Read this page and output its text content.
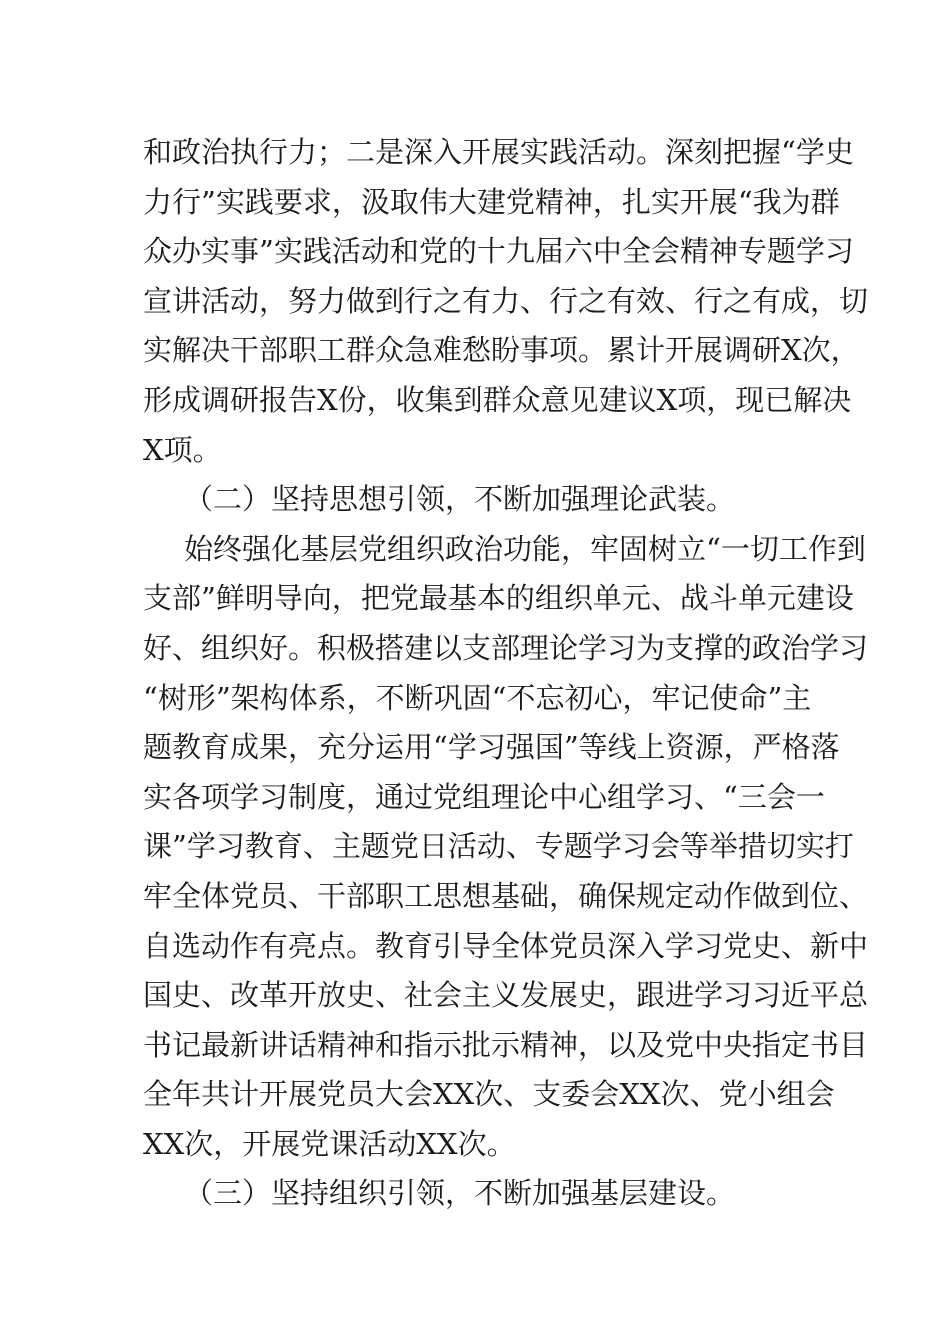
和政治执行力；二是深入开展实践活动。深刻把握“学史
力行”实践要求，汲取伟大建党精神，扎实开展“我为群
众办实事”实践活动和党的十九届六中全会精神专题学习
宣讲活动，努力做到行之有力、行之有效、行之有成，切
实解决干部职工群众急难愁盼事项。累计开展调研X次，
形成调研报告X份，收集到群众意见建议X项，现已解决
X项。
（二）坚持思想引领，不断加强理论武装。
始终强化基层党组织政治功能，牢固树立“一切工作到
支部”鲜明导向，把党最基本的组织单元、战斗单元建设
好、组织好。积极搭建以支部理论学习为支撑的政治学习
“树形”架构体系，不断巩固“不忘初心，牢记使命”主
题教育成果，充分运用“学习强国”等线上资源，严格落
实各项学习制度，通过党组理论中心组学习、“三会一
课”学习教育、主题党日活动、专题学习会等举措切实打
牢全体党员、干部职工思想基础，确保规定动作做到位、
自选动作有亮点。教育引导全体党员深入学习党史、新中
国史、改革开放史、社会主义发展史，跟进学习习近平总
书记最新讲话精神和指示批示精神，以及党中央指定书目
全年共计开展党员大会XX次、支委会XX次、党小组会
XX次，开展党课活动XX次。
（三）坚持组织引领，不断加强基层建设。
